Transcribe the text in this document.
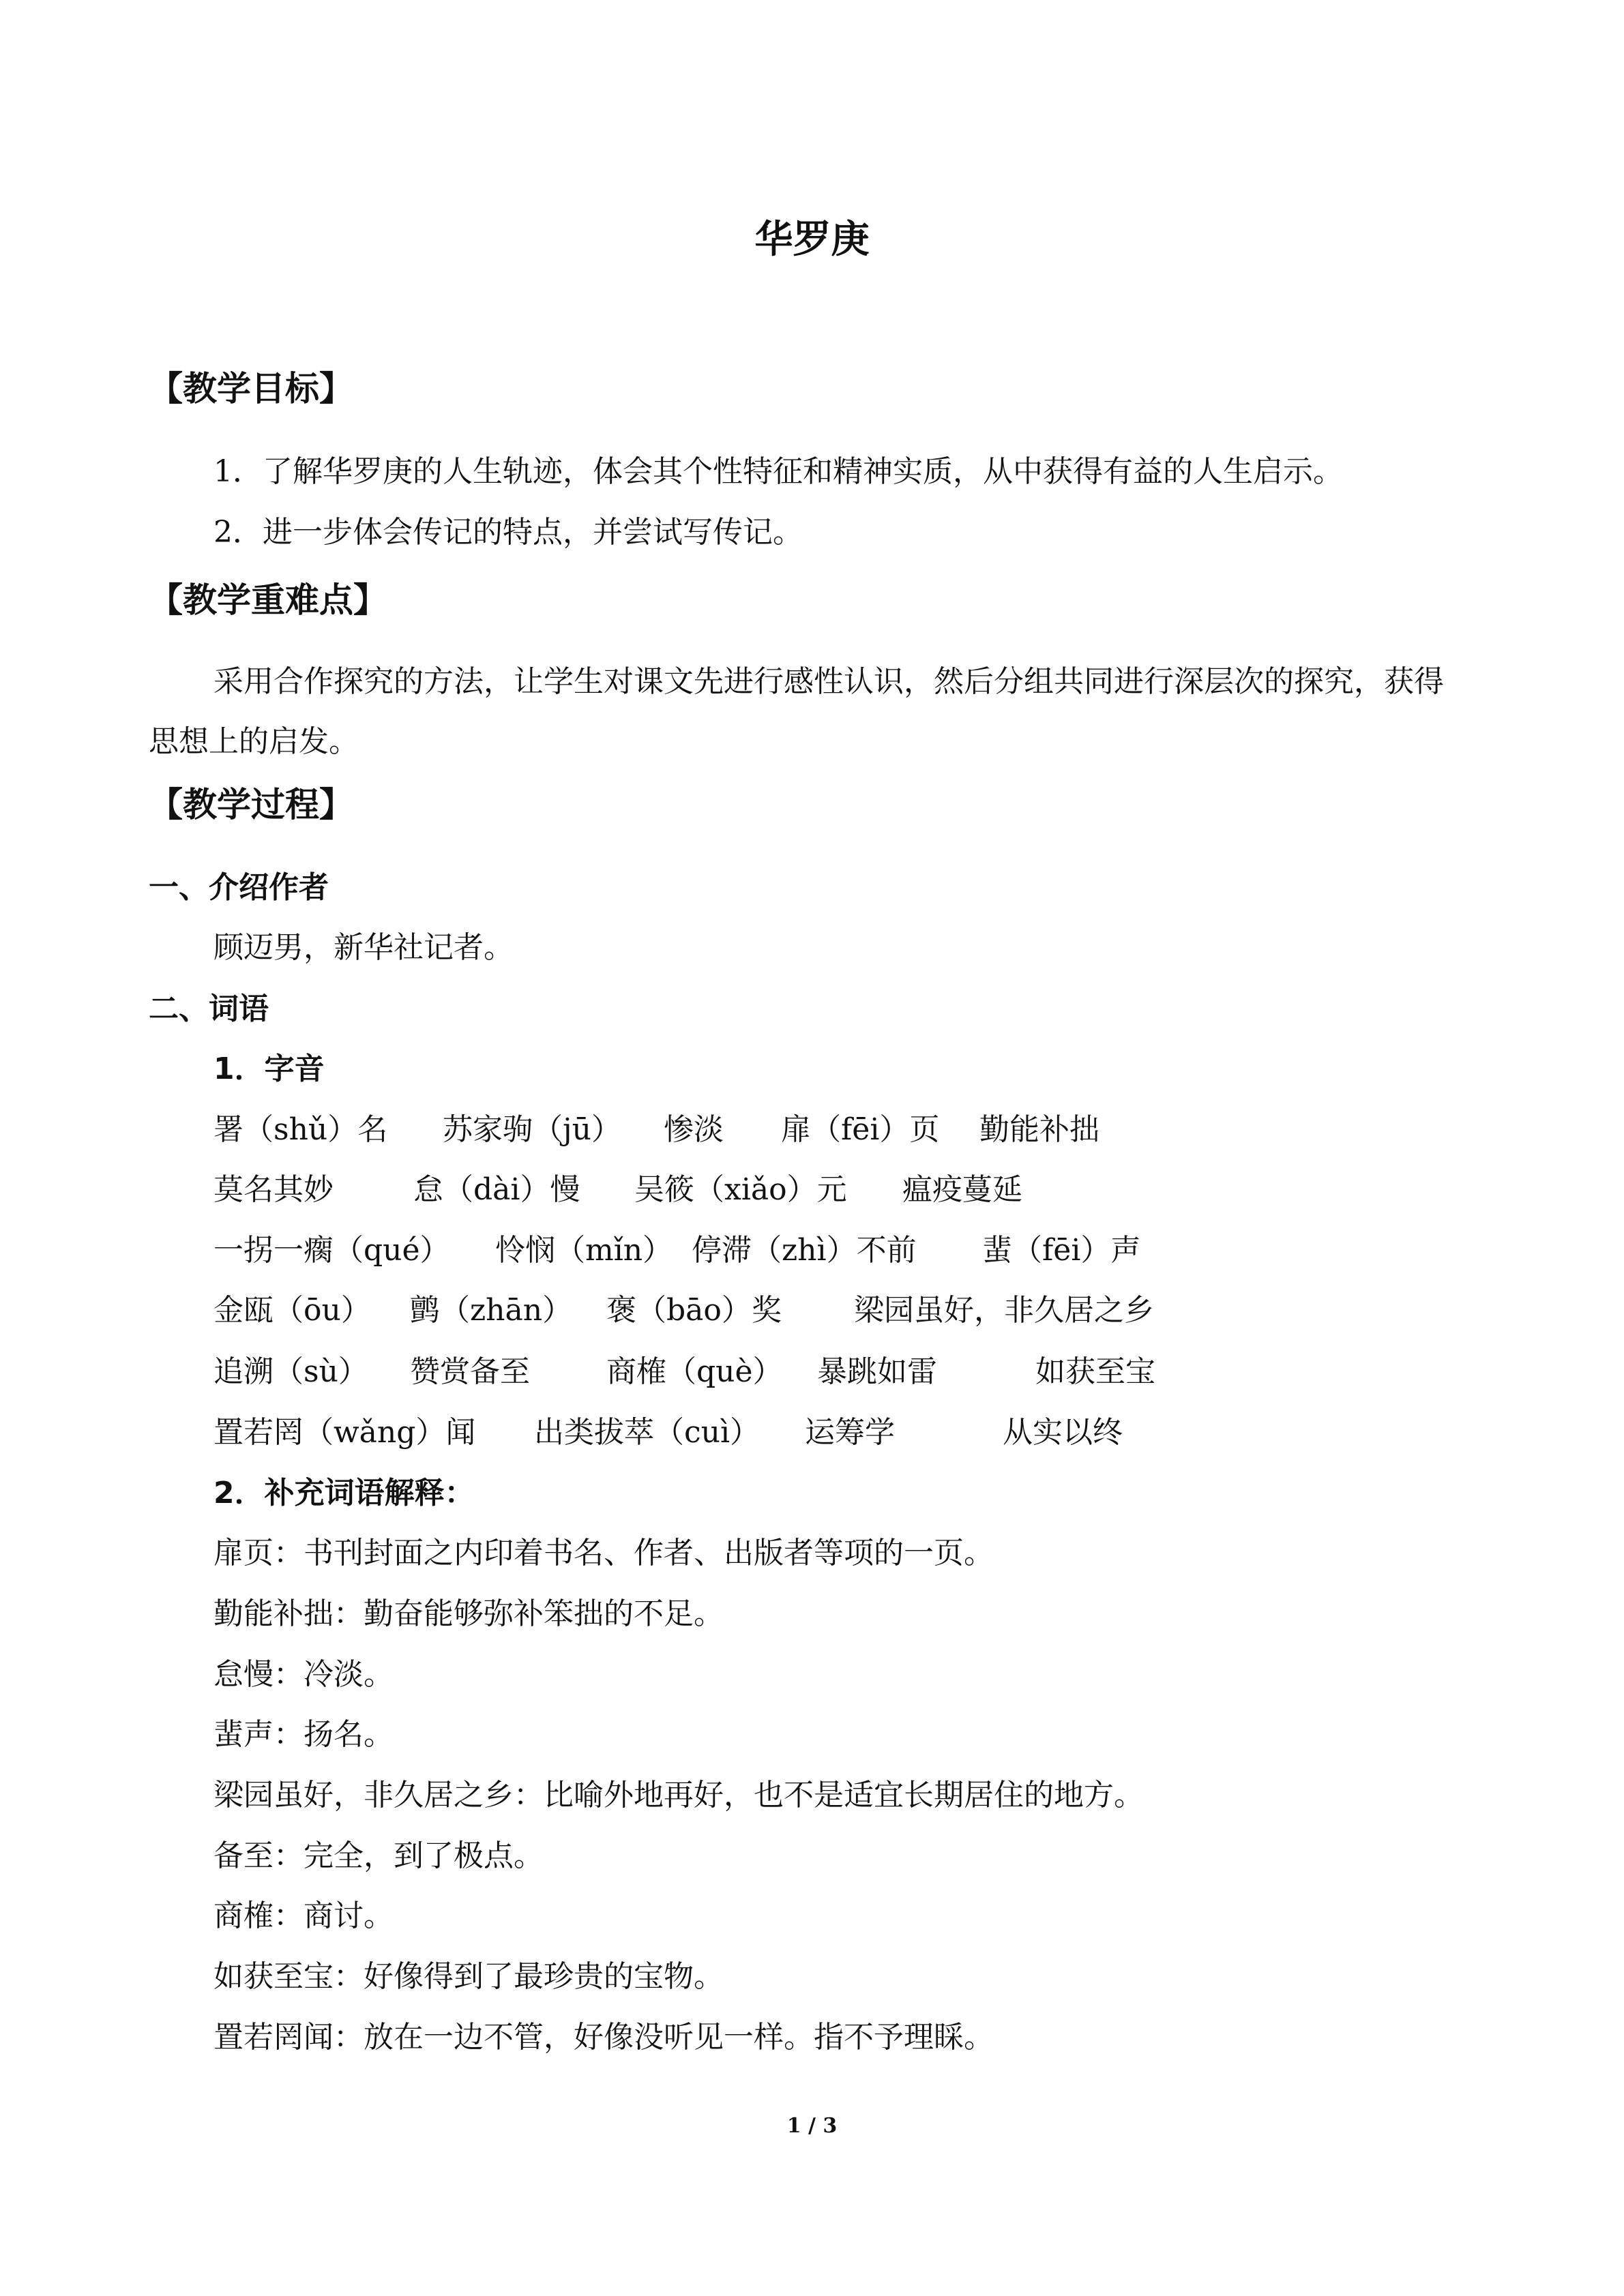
华罗庚
【教学目标】
1．了解华罗庚的人生轨迹，体会其个性特征和精神实质，从中获得有益的人生启示。
2．进一步体会传记的特点，并尝试写传记。
【教学重难点】
采用合作探究的方法，让学生对课文先进行感性认识，然后分组共同进行深层次的探究，获得思想上的启发。
【教学过程】
一、介绍作者
顾迈男，新华社记者。
二、词语
1．字音
署（shǔ）名 苏家驹（jū） 惨淡 扉（fēi）页 勤能补拙
莫名其妙	怠（dài）慢 吴筱（xiǎo）元 瘟疫蔓延
一拐一瘸（qué） 怜悯（mǐn） 停滞（zhì）不前 蜚（fēi）声
金瓯（ōu） 鹯（zhān） 褒（bāo）奖 梁园虽好，非久居之乡
追溯（sù） 赞赏备至	商榷（què） 暴跳如雷	如获至宝
置若罔（wǎng）闻 出类拔萃（cuì） 运筹学	从实以终
2．补充词语解释：
扉页：书刊封面之内印着书名、作者、出版者等项的一页。
勤能补拙：勤奋能够弥补笨拙的不足。
怠慢：冷淡。
蜚声：扬名。
梁园虽好，非久居之乡：比喻外地再好，也不是适宜长期居住的地方。
备至：完全，到了极点。
商榷：商讨。
如获至宝：好像得到了最珍贵的宝物。
置若罔闻：放在一边不管，好像没听见一样。指不予理睬。
1 / 3
